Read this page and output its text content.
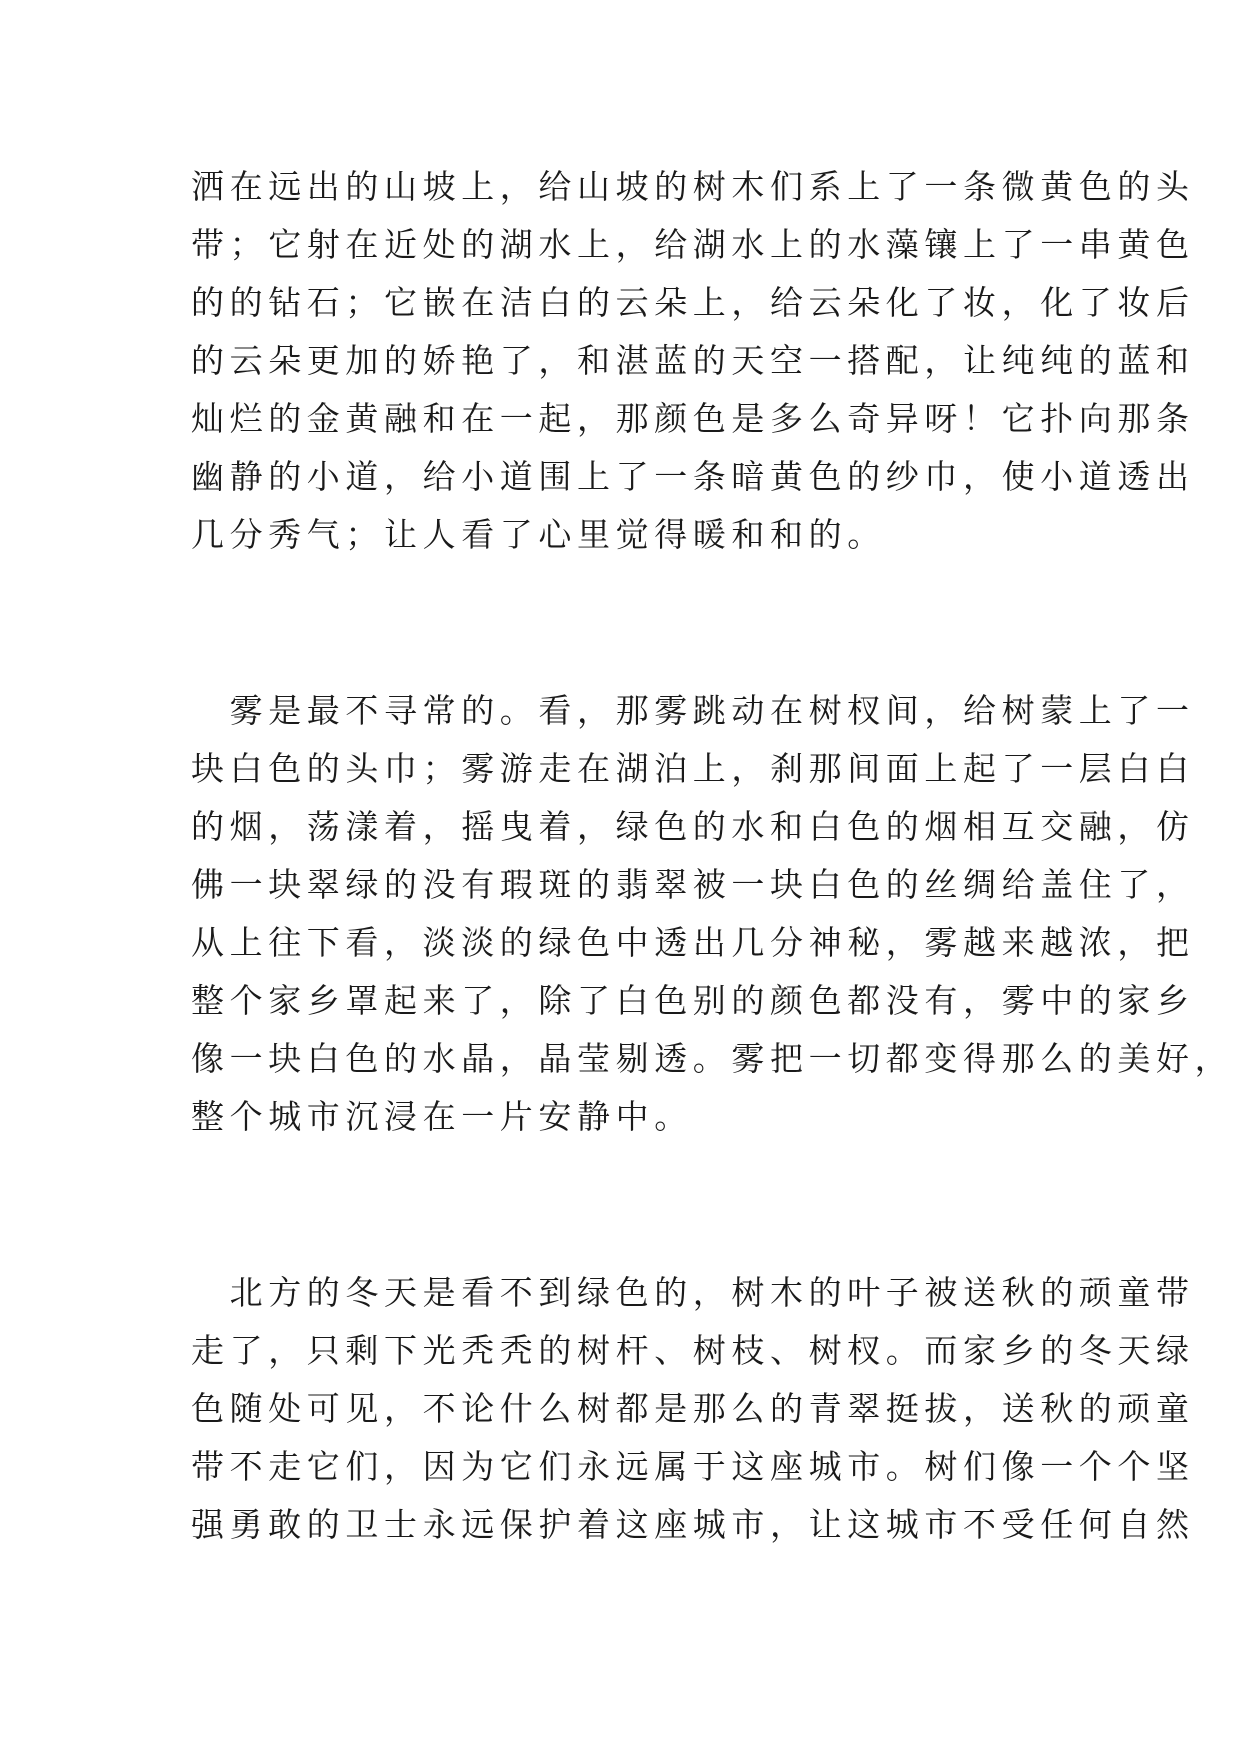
洒在远出的山坡上，给山坡的树木们系上了一条微黄色的头
带；它射在近处的湖水上，给湖水上的水藻镶上了一串黄色
的的钻石；它嵌在洁白的云朵上，给云朵化了妆，化了妆后
的云朵更加的娇艳了，和湛蓝的天空一搭配，让纯纯的蓝和
灿烂的金黄融和在一起，那颜色是多么奇异呀！它扑向那条
幽静的小道，给小道围上了一条暗黄色的纱巾，使小道透出
几分秀气；让人看了心里觉得暖和和的。
　雾是最不寻常的。看，那雾跳动在树杈间，给树蒙上了一
块白色的头巾；雾游走在湖泊上，刹那间面上起了一层白白
的烟，荡漾着，摇曳着，绿色的水和白色的烟相互交融，仿
佛一块翠绿的没有瑕斑的翡翠被一块白色的丝绸给盖住了，
从上往下看，淡淡的绿色中透出几分神秘，雾越来越浓，把
整个家乡罩起来了，除了白色别的颜色都没有，雾中的家乡
像一块白色的水晶，晶莹剔透。雾把一切都变得那么的美好，
整个城市沉浸在一片安静中。
　北方的冬天是看不到绿色的，树木的叶子被送秋的顽童带
走了，只剩下光秃秃的树杆、树枝、树杈。而家乡的冬天绿
色随处可见，不论什么树都是那么的青翠挺拔，送秋的顽童
带不走它们，因为它们永远属于这座城市。树们像一个个坚
强勇敢的卫士永远保护着这座城市，让这城市不受任何自然
